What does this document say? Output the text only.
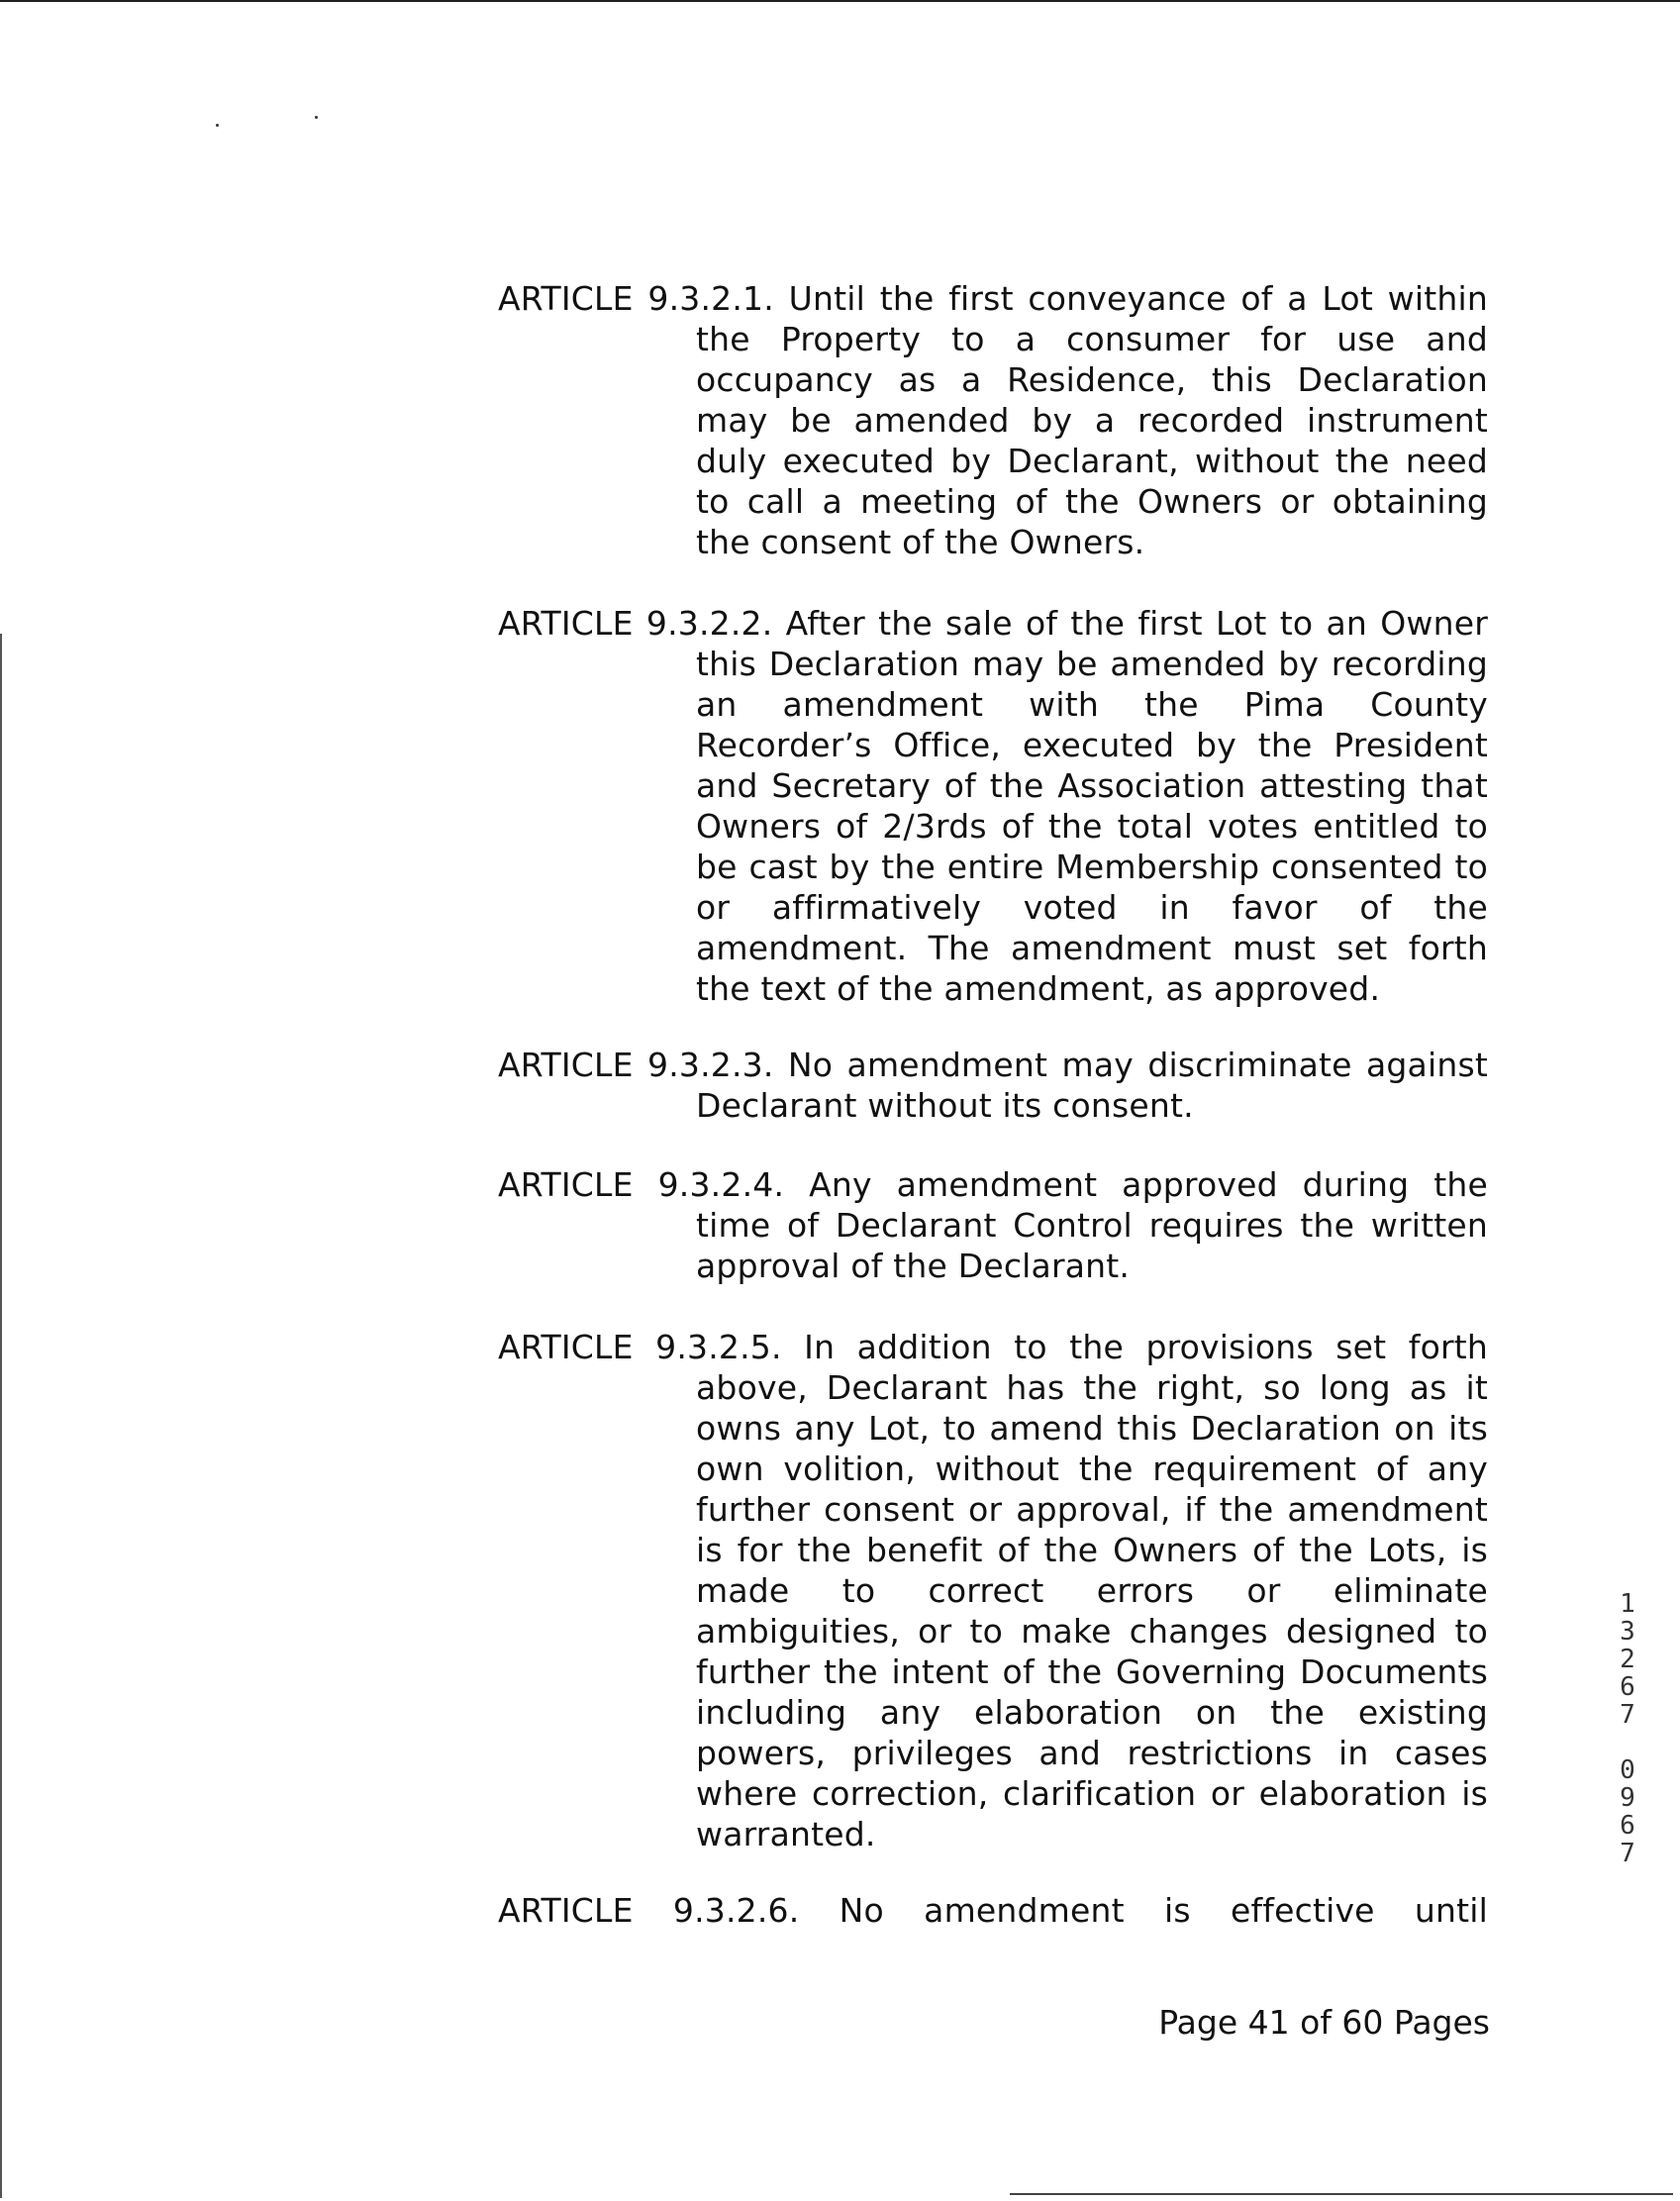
ARTICLE 9.3.2.1. Until the first conveyance of a Lot within the Property to a consumer for use and occupancy as a Residence, this Declaration may be amended by a recorded instrument duly executed by Declarant, without the need to call a meeting of the Owners or obtaining the consent of the Owners.
ARTICLE 9.3.2.2. After the sale of the first Lot to an Owner this Declaration may be amended by recording an amendment with the Pima County Recorder’s Office, executed by the President and Secretary of the Association attesting that Owners of 2/3rds of the total votes entitled to be cast by the entire Membership consented to or affirmatively voted in favor of the amendment. The amendment must set forth the text of the amendment, as approved.
ARTICLE 9.3.2.3. No amendment may discriminate against Declarant without its consent.
ARTICLE 9.3.2.4. Any amendment approved during the time of Declarant Control requires the written approval of the Declarant.
ARTICLE 9.3.2.5. In addition to the provisions set forth above, Declarant has the right, so long as it owns any Lot, to amend this Declaration on its own volition, without the requirement of any further consent or approval, if the amendment is for the benefit of the Owners of the Lots, is made to correct errors or eliminate ambiguities, or to make changes designed to further the intent of the Governing Documents including any elaboration on the existing powers, privileges and restrictions in cases where correction, clarification or elaboration is warranted.
ARTICLE 9.3.2.6. No amendment is effective until
Page 41 of 60 Pages
13267 0967
